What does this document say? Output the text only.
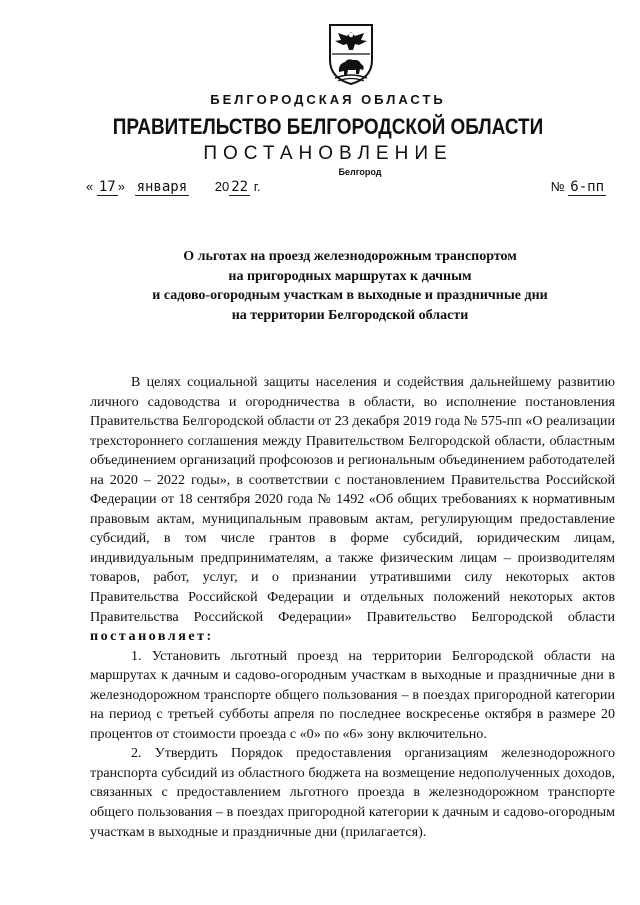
БЕЛГОРОДСКАЯ ОБЛАСТЬ
ПРАВИТЕЛЬСТВО БЕЛГОРОДСКОЙ ОБЛАСТИ
ПОСТАНОВЛЕНИЕ
Белгород
« 17 » января 20 22 г.	№ 6-пп
О льготах на проезд железнодорожным транспортом
на пригородных маршрутах к дачным
и садово-огородным участкам в выходные и праздничные дни
на территории Белгородской области

В целях социальной защиты населения и содействия дальнейшему развитию личного садоводства и огородничества в области, во исполнение постановления Правительства Белгородской области от 23 декабря 2019 года № 575-пп «О реализации трехстороннего соглашения между Правительством Белгородской области, областным объединением организаций профсоюзов и региональным объединением работодателей на 2020 – 2022 годы», в соответствии с постановлением Правительства Российской Федерации от 18 сентября 2020 года № 1492 «Об общих требованиях к нормативным правовым актам, муниципальным правовым актам, регулирующим предоставление субсидий, в том числе грантов в форме субсидий, юридическим лицам, индивидуальным предпринимателям, а также физическим лицам – производителям товаров, работ, услуг, и о признании утратившими силу некоторых актов Правительства Российской Федерации и отдельных положений некоторых актов Правительства Российской Федерации» Правительство Белгородской области постановляет:

1. Установить льготный проезд на территории Белгородской области на маршрутах к дачным и садово-огородным участкам в выходные и праздничные дни в железнодорожном транспорте общего пользования – в поездах пригородной категории на период с третьей субботы апреля по последнее воскресенье октября в размере 20 процентов от стоимости проезда с «0» по «6» зону включительно.

2. Утвердить Порядок предоставления организациям железнодорожного транспорта субсидий из областного бюджета на возмещение недополученных доходов, связанных с предоставлением льготного проезда в железнодорожном транспорте общего пользования – в поездах пригородной категории к дачным и садово-огородным участкам в выходные и праздничные дни (прилагается).
